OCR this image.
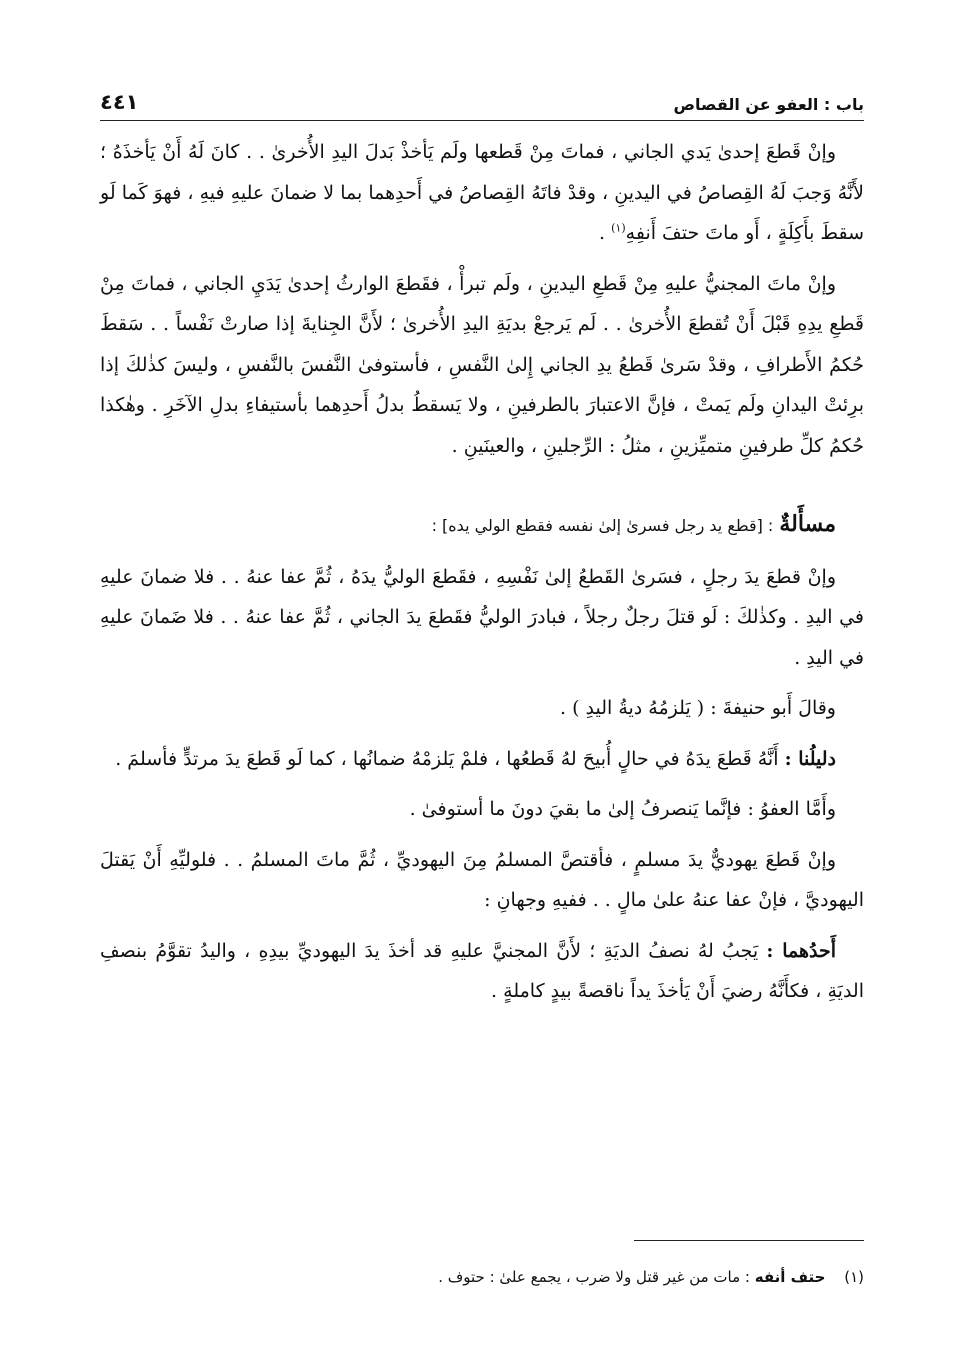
باب : العفو عن القصاص
٤٤١

وإنْ قَطعَ إحدىٰ يَدي الجاني ، فماتَ مِنْ قَطعها ولَم يَأخذْ بَدلَ اليدِ الأُخرىٰ . . كانَ لَهُ أَنْ يَأخذَهُ ؛ لأَنَّهُ وَجبَ لَهُ القِصاصُ في اليدينِ ، وقدْ فاتَهُ القِصاصُ في أَحدِهما بما لا ضمانَ عليهِ فيهِ ، فهوَ كَما لَو سقطَ بأَكِلَةٍ ، أَو ماتَ حتفَ أَنفِهِ$^{(١)}$ .

وإنْ ماتَ المجنيُّ عليهِ مِنْ قَطعِ اليدينِ ، ولَم تبرأْ ، فقَطعَ الوارثُ إحدىٰ يَدَيِ الجاني ، فماتَ مِنْ قَطعِ يدِهِ قَبْلَ أَنْ تُقطعَ الأُخرىٰ . . لَم يَرجعْ بديَةِ اليدِ الأُخرىٰ ؛ لأَنَّ الجِنايةَ إذا صارتْ نَفْساً . . سَقطَ حُكمُ الأَطرافِ ، وقدْ سَرىٰ قَطعُ يدِ الجاني إِلىٰ النَّفسِ ، فأستوفىٰ النَّفسَ بالنَّفسِ ، وليسَ كذٰلكَ إذا برِئتْ اليدانِ ولَم يَمتْ ، فإنَّ الاعتبارَ بالطرفينِ ، ولا يَسقطُ بدلُ أَحدِهما بأستيفاءِ بدلِ الآخَرِ . وهٰكذا حُكمُ كلِّ طرفينِ متميِّزينِ ، مثلُ : الرِّجلينِ ، والعينَينِ .

مسأَلةٌ : [قطع يد رجل فسرىٰ إلىٰ نفسه فقطع الولي يده] :

وإنْ قطعَ يدَ رجلٍ ، فسَرىٰ القَطعُ إلىٰ نَفْسِهِ ، فقَطعَ الوليُّ يدَهُ ، ثُمَّ عفا عنهُ . . فلا ضمانَ عليهِ في اليدِ . وكذٰلكَ : لَو قتلَ رجلٌ رجلاً ، فبادرَ الوليُّ فقَطعَ يدَ الجاني ، ثُمَّ عفا عنهُ . . فلا ضَمانَ عليهِ في اليدِ .

وقالَ أَبو حنيفةَ : ( يَلزمُهُ ديةُ اليدِ ) .

دليلُنا : أَنَّهُ قَطعَ يدَهُ في حالٍ أُبيحَ لهُ قَطعُها ، فلمْ يَلزمْهُ ضمانُها ، كما لَو قَطعَ يدَ مرتدٍّ فأسلمَ .

وأَمَّا العفوُ : فإنَّما يَنصرفُ إلىٰ ما بقيَ دونَ ما أستوفىٰ .

وإنْ قَطعَ يهوديٌّ يدَ مسلمٍ ، فأقتصَّ المسلمُ مِنَ اليهوديِّ ، ثُمَّ ماتَ المسلمُ . . فلوليِّهِ أَنْ يَقتلَ اليهوديَّ ، فإنْ عفا عنهُ علىٰ مالٍ . . ففيهِ وجهانِ :

أَحدُهما : يَجبُ لهُ نصفُ الديَةِ ؛ لأَنَّ المجنيَّ عليهِ قد أخذَ يدَ اليهوديِّ بيدِهِ ، واليدُ تقوَّمُ بنصفِ الديَةِ ، فكأَنَّهُ رضيَ أَنْ يَأخذَ يداً ناقصةً بيدٍ كاملةٍ .

(١) حتف أنفه : مات من غير قتل ولا ضرب ، يجمع علىٰ : حتوف .
